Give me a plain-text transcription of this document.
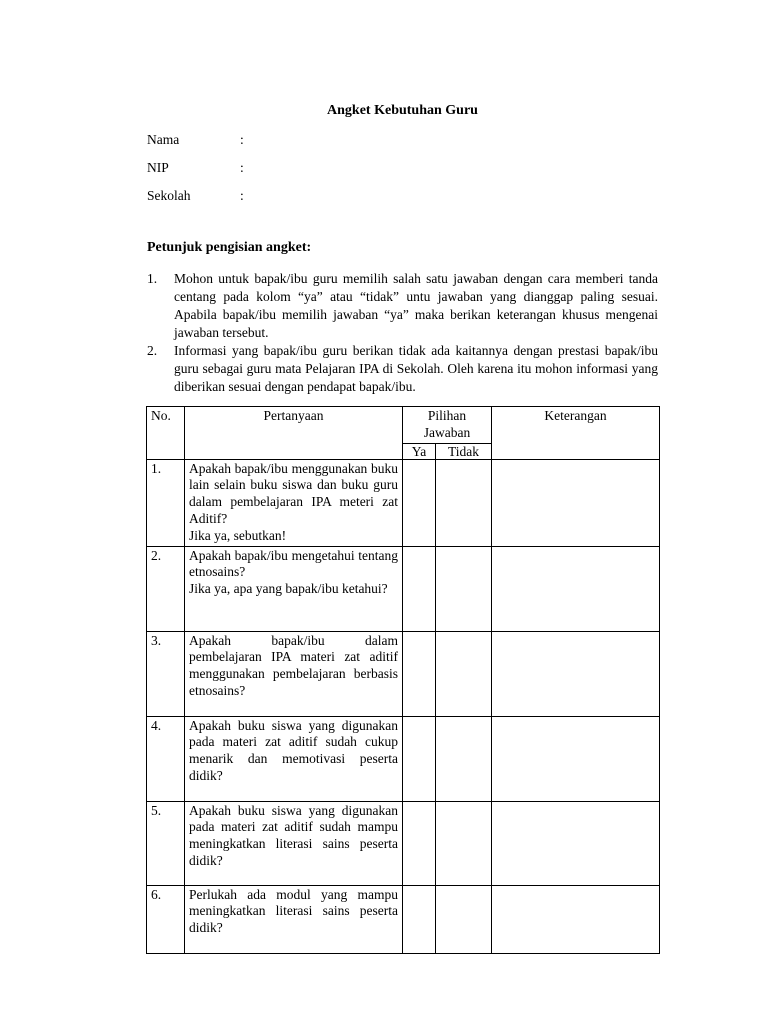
Angket Kebutuhan Guru
Nama	:
NIP	:
Sekolah	:
Petunjuk pengisian angket:
1.	Mohon untuk bapak/ibu guru memilih salah satu jawaban dengan cara memberi tanda centang pada kolom “ya” atau “tidak” untu jawaban yang dianggap paling sesuai. Apabila bapak/ibu memilih jawaban “ya” maka berikan keterangan khusus mengenai jawaban tersebut.
2.	Informasi yang bapak/ibu guru berikan tidak ada kaitannya dengan prestasi bapak/ibu guru sebagai guru mata Pelajaran IPA di Sekolah. Oleh karena itu mohon informasi yang diberikan sesuai dengan pendapat bapak/ibu.
No.	Pertanyaan	Pilihan Jawaban		Keterangan
		Ya	Tidak	
1.	Apakah bapak/ibu menggunakan buku lain selain buku siswa dan buku guru dalam pembelajaran IPA meteri zat Aditif?
Jika ya, sebutkan!			

2.	Apakah bapak/ibu mengetahui tentang etnosains?
Jika ya, apa yang bapak/ibu ketahui?			

3.	Apakah bapak/ibu dalam pembelajaran IPA materi zat aditif menggunakan pembelajaran berbasis etnosains?			

4.	Apakah buku siswa yang digunakan pada materi zat aditif sudah cukup menarik dan memotivasi peserta didik?			

5.	Apakah buku siswa yang digunakan pada materi zat aditif sudah mampu meningkatkan literasi sains peserta didik?			

6.	Perlukah ada modul yang mampu meningkatkan literasi sains peserta didik?			
